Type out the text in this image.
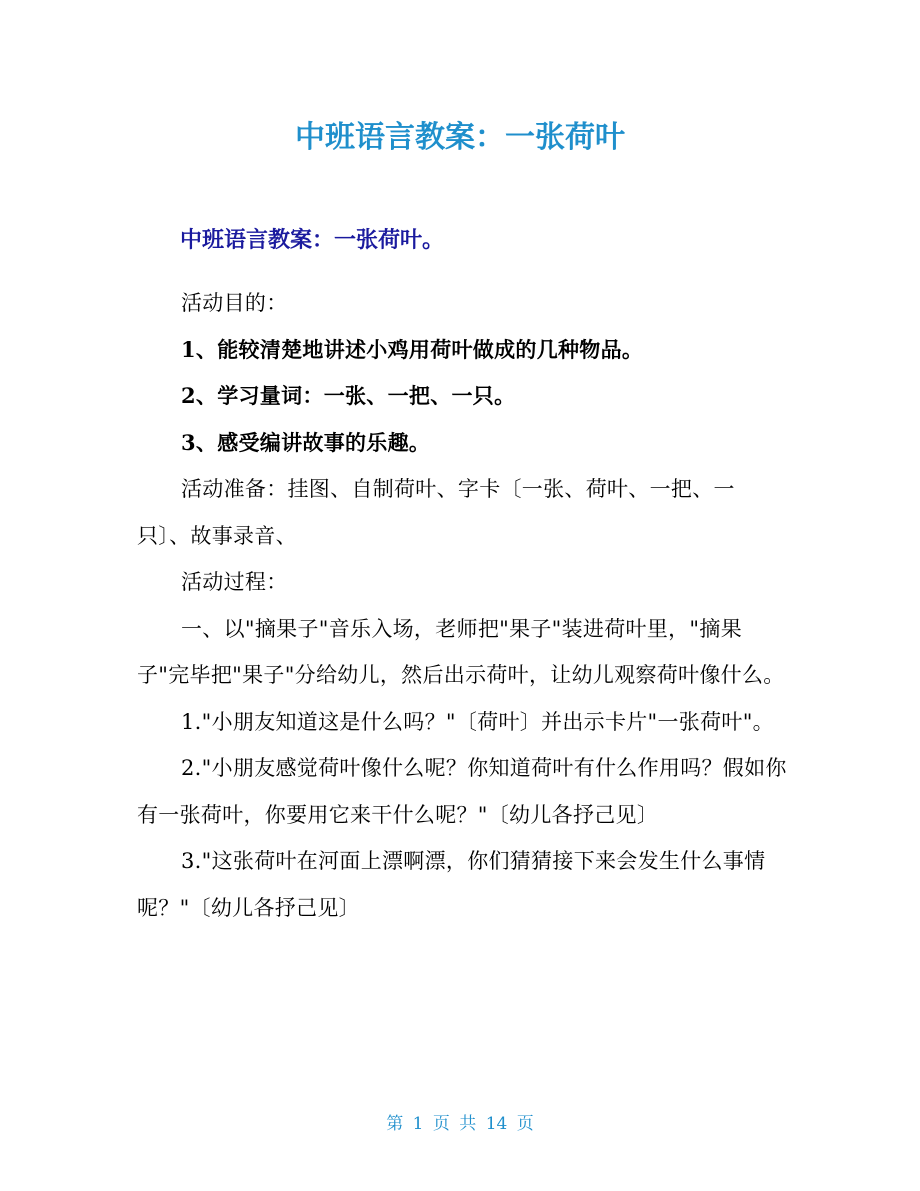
中班语言教案：一张荷叶
中班语言教案：一张荷叶。

活动目的：

1、能较清楚地讲述小鸡用荷叶做成的几种物品。

2、学习量词：一张、一把、一只。

3、感受编讲故事的乐趣。

活动准备：挂图、自制荷叶、字卡〔一张、荷叶、一把、一只〕、故事录音、

活动过程：

一、以"摘果子"音乐入场，老师把"果子"装进荷叶里，"摘果子"完毕把"果子"分给幼儿，然后出示荷叶，让幼儿观察荷叶像什么。

1."小朋友知道这是什么吗？"〔荷叶〕并出示卡片"一张荷叶"。

2."小朋友感觉荷叶像什么呢？你知道荷叶有什么作用吗？假如你有一张荷叶，你要用它来干什么呢？"〔幼儿各抒己见〕

3."这张荷叶在河面上漂啊漂，你们猜猜接下来会发生什么事情呢？"〔幼儿各抒己见〕

第 1 页 共 14 页
